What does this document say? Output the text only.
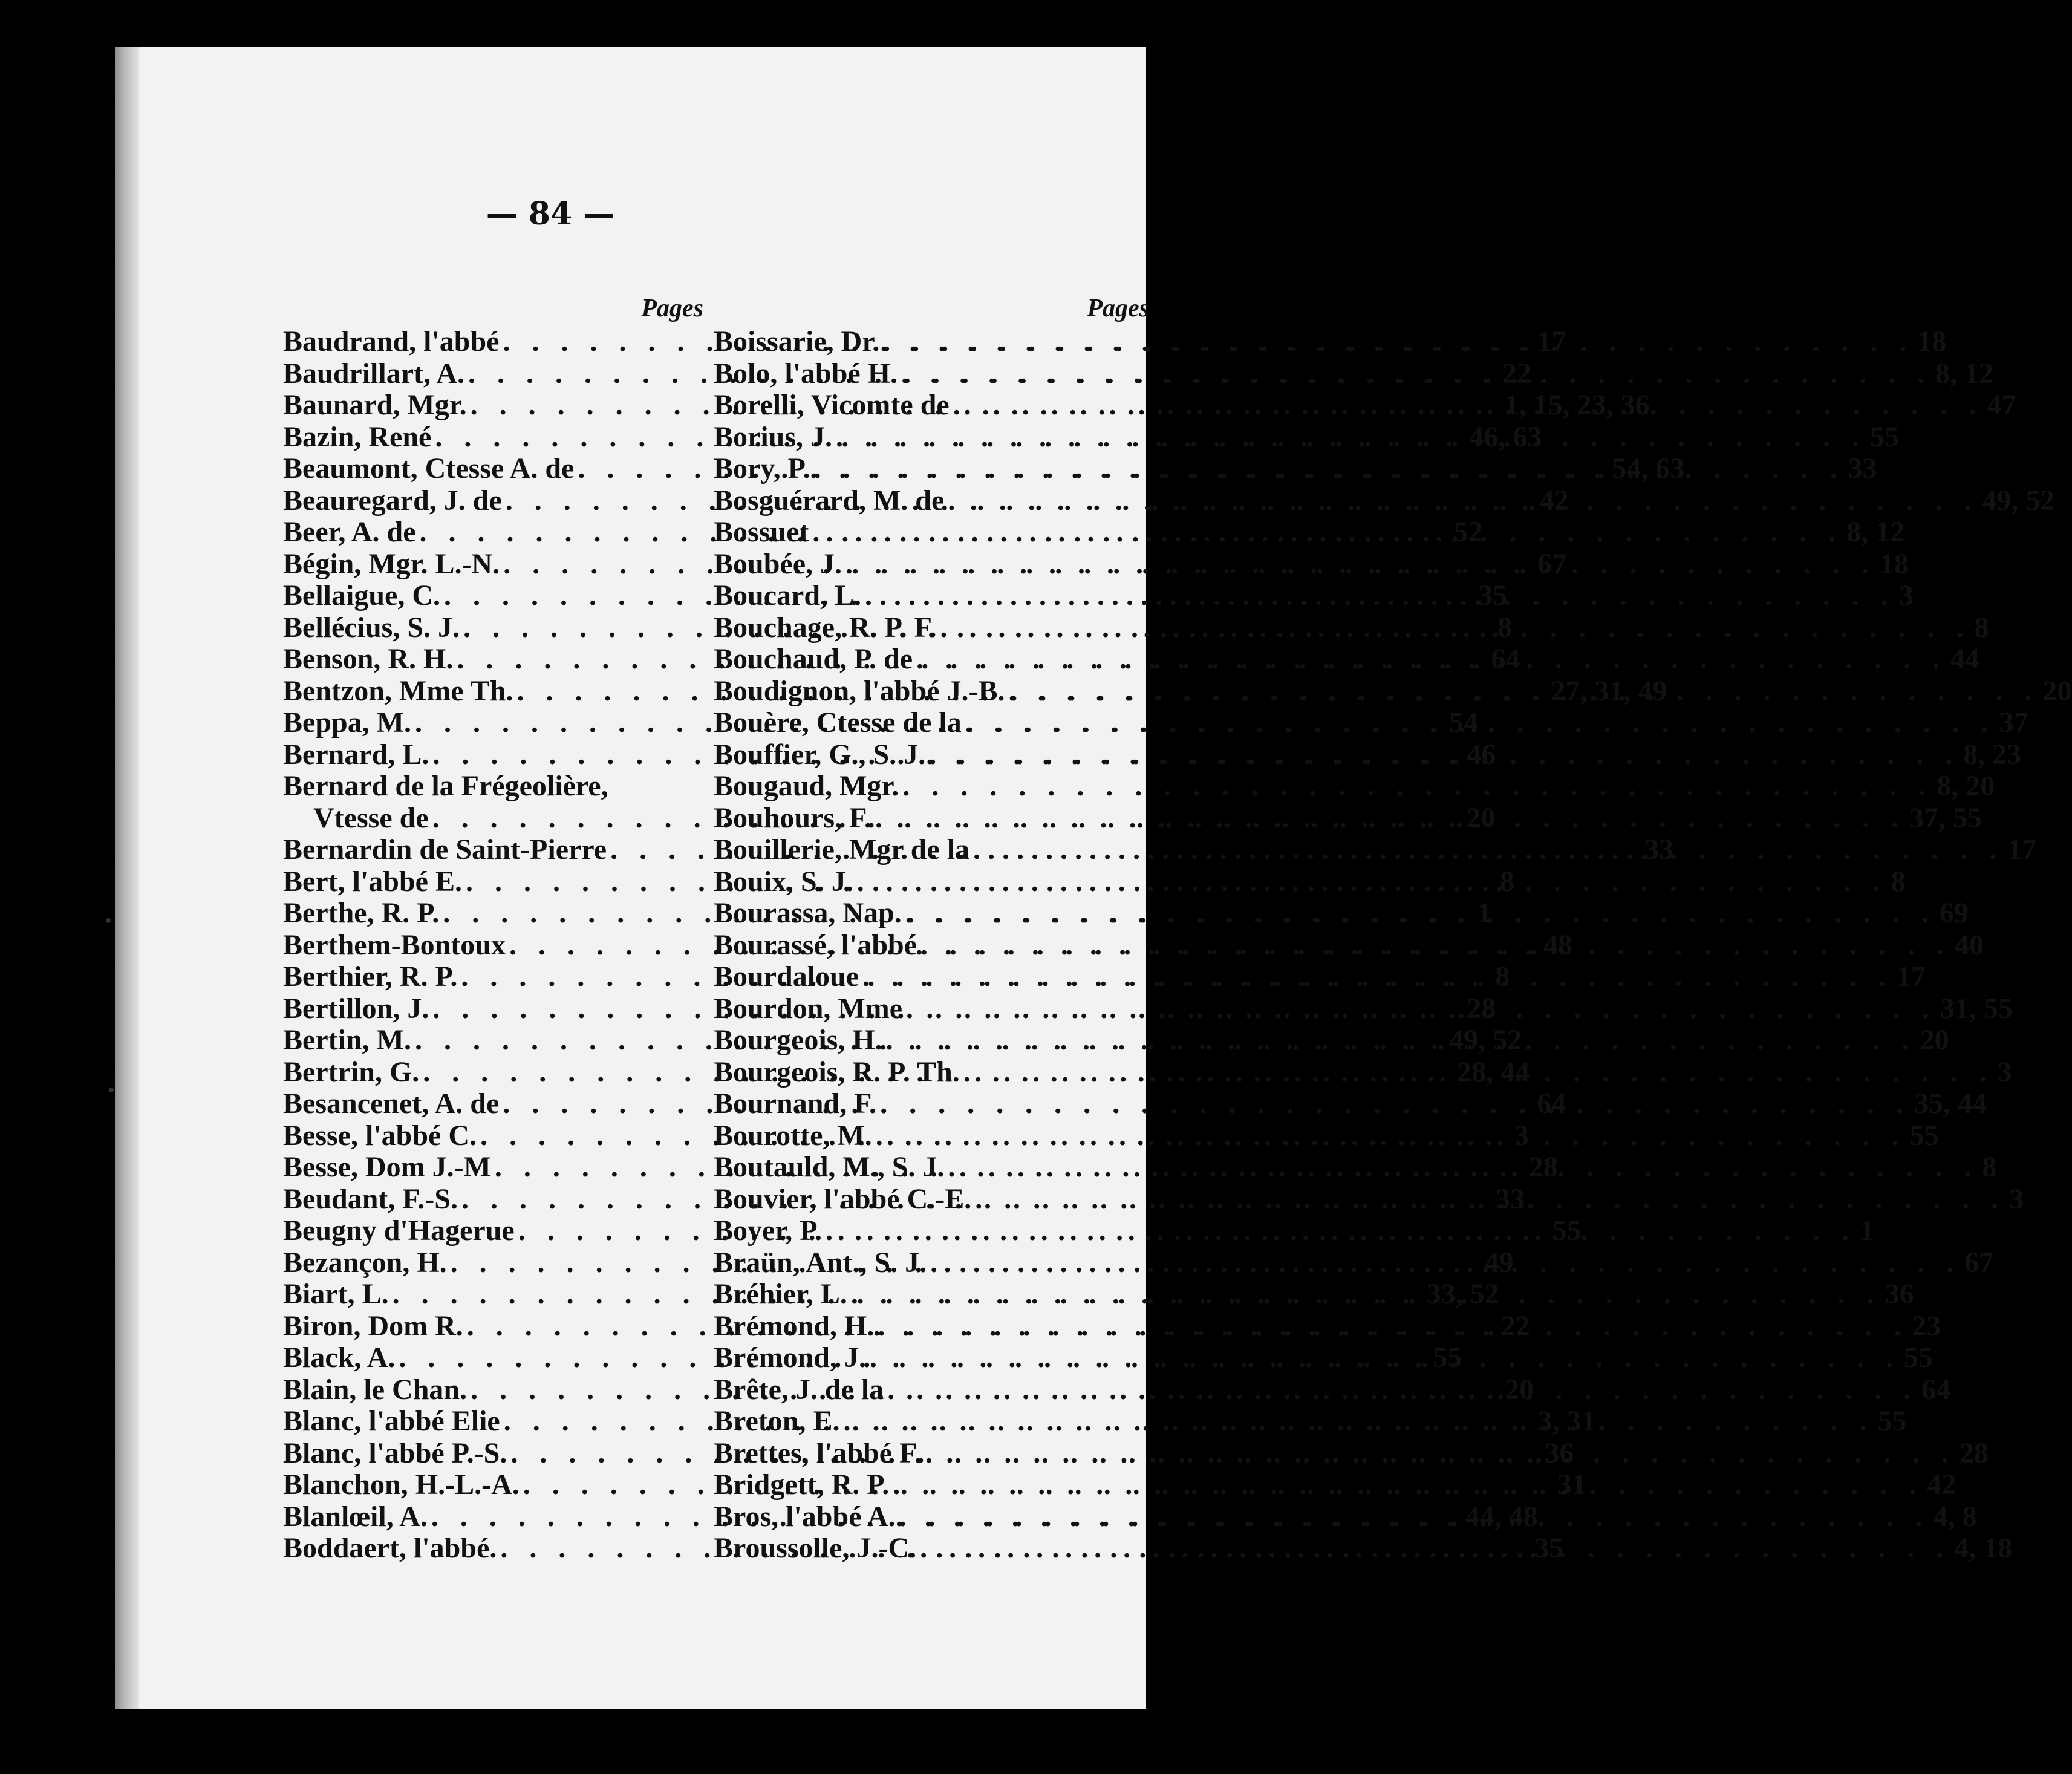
— 84 —
Pages
Baudrand, l'abbé . . .	17
Baudrillart, A. . . .	22
Baunard, Mgr. . . .	1, 15, 23, 36
Bazin, René . . .	46, 63
Beaumont, Ctesse A. de . . .	54, 63
Beauregard, J. de . . .	42
Beer, A. de . . .	52
Bégin, Mgr. L.-N. . . .	67
Bellaigue, C. . . .	35
Bellécius, S. J. . . .	8
Benson, R. H. . . .	64
Bentzon, Mme Th. . . .	27, 31, 49
Beppa, M. . . .	54
Bernard, L. . . .	46
Bernard de la Frégeolière,
Vtesse de . . .	20
Bernardin de Saint-Pierre . . .	33
Bert, l'abbé E. . . .	8
Berthe, R. P. . . .	1
Berthem-Bontoux . . .	48
Berthier, R. P. . . .	8
Bertillon, J. . . .	28
Bertin, M. . . .	49, 52
Bertrin, G. . . .	28, 44
Besancenet, A. de . . .	64
Besse, l'abbé C. . . .	3
Besse, Dom J.-M . . .	28
Beudant, F.-S. . . .	33
Beugny d'Hagerue . . .	55
Bezançon, H. . . .	49
Biart, L. . . .	33, 52
Biron, Dom R. . . .	22
Black, A. . . .	55
Blain, le Chan. . . .	20
Blanc, l'abbé Elie . . .	3, 31
Blanc, l'abbé P.-S. . . .	36
Blanchon, H.-L.-A. . . .	31
Blanlœil, A. . . .	44, 48
Boddaert, l'abbé. . . .	35
Pages
Boissarie, Dr. . . .	18
Bolo, l'abbé H. . . .	8, 12
Borelli, Vicomte de . . .	47
Borius, J. . . .	55
Bory, P. . . .	33
Bosguérard, M. de . . .	49, 52
Bossuet . . .	8, 12
Boubée, J. . . .	18
Boucard, L. . . .	3
Bouchage, R. P. F. . . .	8
Bouchaud, P. de . . .	44
Boudignon, l'abbé J.-B. . . .	20
Bouère, Ctesse de la . . .	37
Bouffier, G., S. J. . . .	8, 23
Bougaud, Mgr. . . .	8, 20
Bouhours, F. . . .	37, 55
Bouillerie, Mgr de la . . .	17
Bouix, S. J. . . .	8
Bourassa, Nap. . . .	69
Bourassé, l'abbé . . .	40
Bourdaloue . . .	17
Bourdon, Mme . . .	31, 55
Bourgeois, H. . . .	20
Bourgeois, R. P. Th. . . .	3
Bournand, F. . . .	35, 44
Bourotte, M. . . .	55
Boutauld, M., S. J. . . .	8
Bouvier, l'abbé C.-E. . . .	3
Boyer, P. . . .	1
Braün, Ant., S. J. . . .	67
Bréhier, L. . . .	36
Brémond, H. . . .	23
Brémond, J. . . .	55
Brête, J. de la . . .	64
Breton, E. . . .	55
Brettes, l'abbé F. . . .	28
Bridgett, R. P. . . .	42
Bros, l'abbé A. . . .	4, 8
Broussolle, J.-C. . . .	4, 18
